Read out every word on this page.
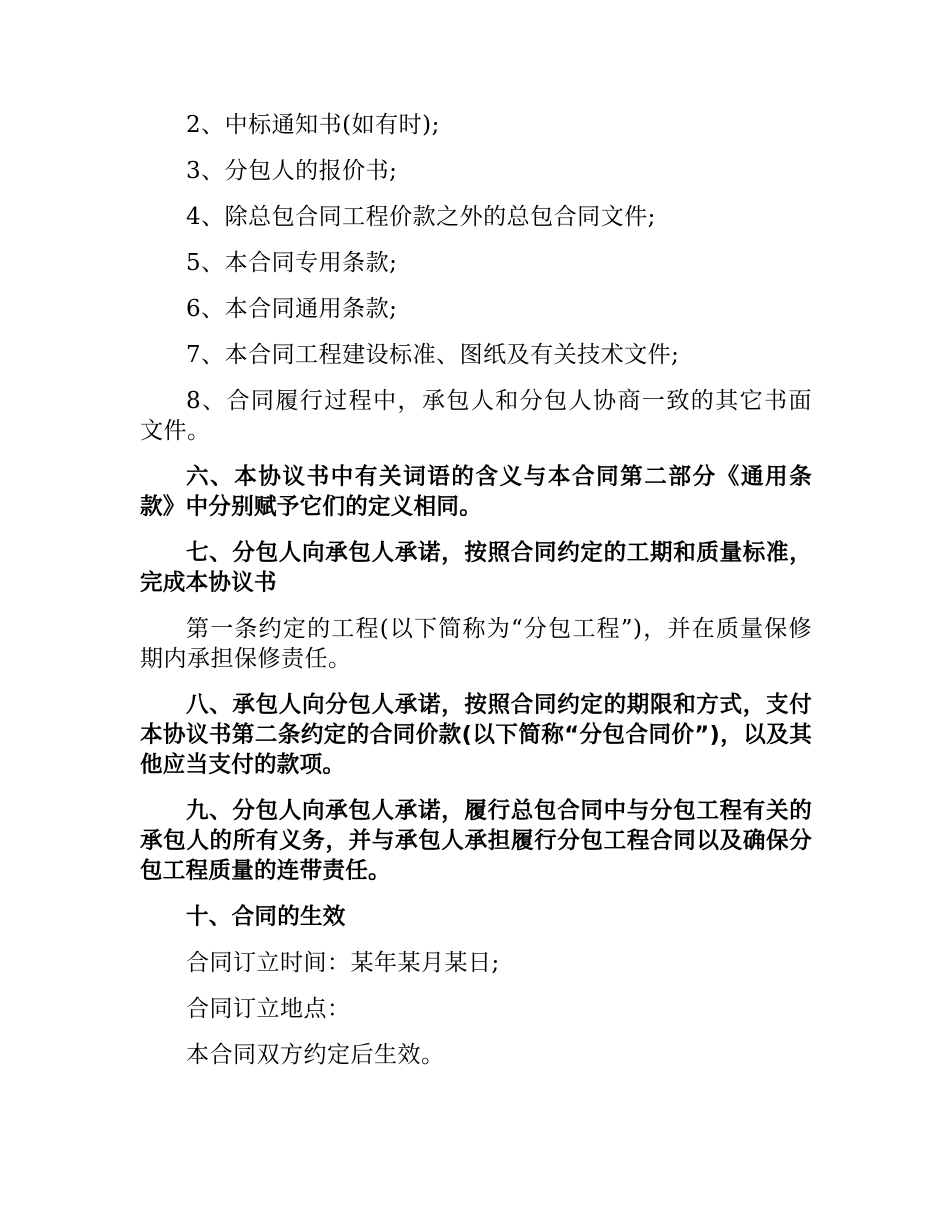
2、中标通知书(如有时);

3、分包人的报价书;

4、除总包合同工程价款之外的总包合同文件;

5、本合同专用条款;

6、本合同通用条款;

7、本合同工程建设标准、图纸及有关技术文件;

8、合同履行过程中，承包人和分包人协商一致的其它书面文件。

六、本协议书中有关词语的含义与本合同第二部分《通用条款》中分别赋予它们的定义相同。

七、分包人向承包人承诺，按照合同约定的工期和质量标准，完成本协议书

第一条约定的工程(以下简称为“分包工程”)，并在质量保修期内承担保修责任。

八、承包人向分包人承诺，按照合同约定的期限和方式，支付本协议书第二条约定的合同价款(以下简称“分包合同价”)，以及其他应当支付的款项。

九、分包人向承包人承诺，履行总包合同中与分包工程有关的承包人的所有义务，并与承包人承担履行分包工程合同以及确保分包工程质量的连带责任。

十、合同的生效

合同订立时间：某年某月某日;

合同订立地点：

本合同双方约定后生效。
